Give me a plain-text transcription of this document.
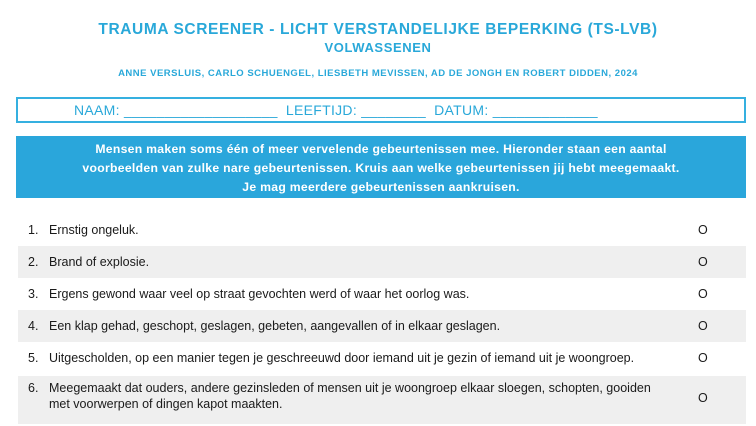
TRAUMA SCREENER - LICHT VERSTANDELIJKE BEPERKING (TS-LVB)
VOLWASSENEN
ANNE VERSLUIS, CARLO SCHUENGEL, LIESBETH MEVISSEN, AD DE JONGH EN ROBERT DIDDEN, 2024
NAAM: ___________________ LEEFTIJD: ________ DATUM: _____________
Mensen maken soms één of meer vervelende gebeurtenissen mee. Hieronder staan een aantal
voorbeelden van zulke nare gebeurtenissen. Kruis aan welke gebeurtenissen jij hebt meegemaakt.
Je mag meerdere gebeurtenissen aankruisen.
1. Ernstig ongeluk.	O
2. Brand of explosie.	O
3. Ergens gewond waar veel op straat gevochten werd of waar het oorlog was.	O
4. Een klap gehad, geschopt, geslagen, gebeten, aangevallen of in elkaar geslagen.	O
5. Uitgescholden, op een manier tegen je geschreeuwd door iemand uit je gezin of iemand uit je woongroep.	O
6. Meegemaakt dat ouders, andere gezinsleden of mensen uit je woongroep elkaar sloegen, schopten, gooiden met voorwerpen of dingen kapot maakten.	O
